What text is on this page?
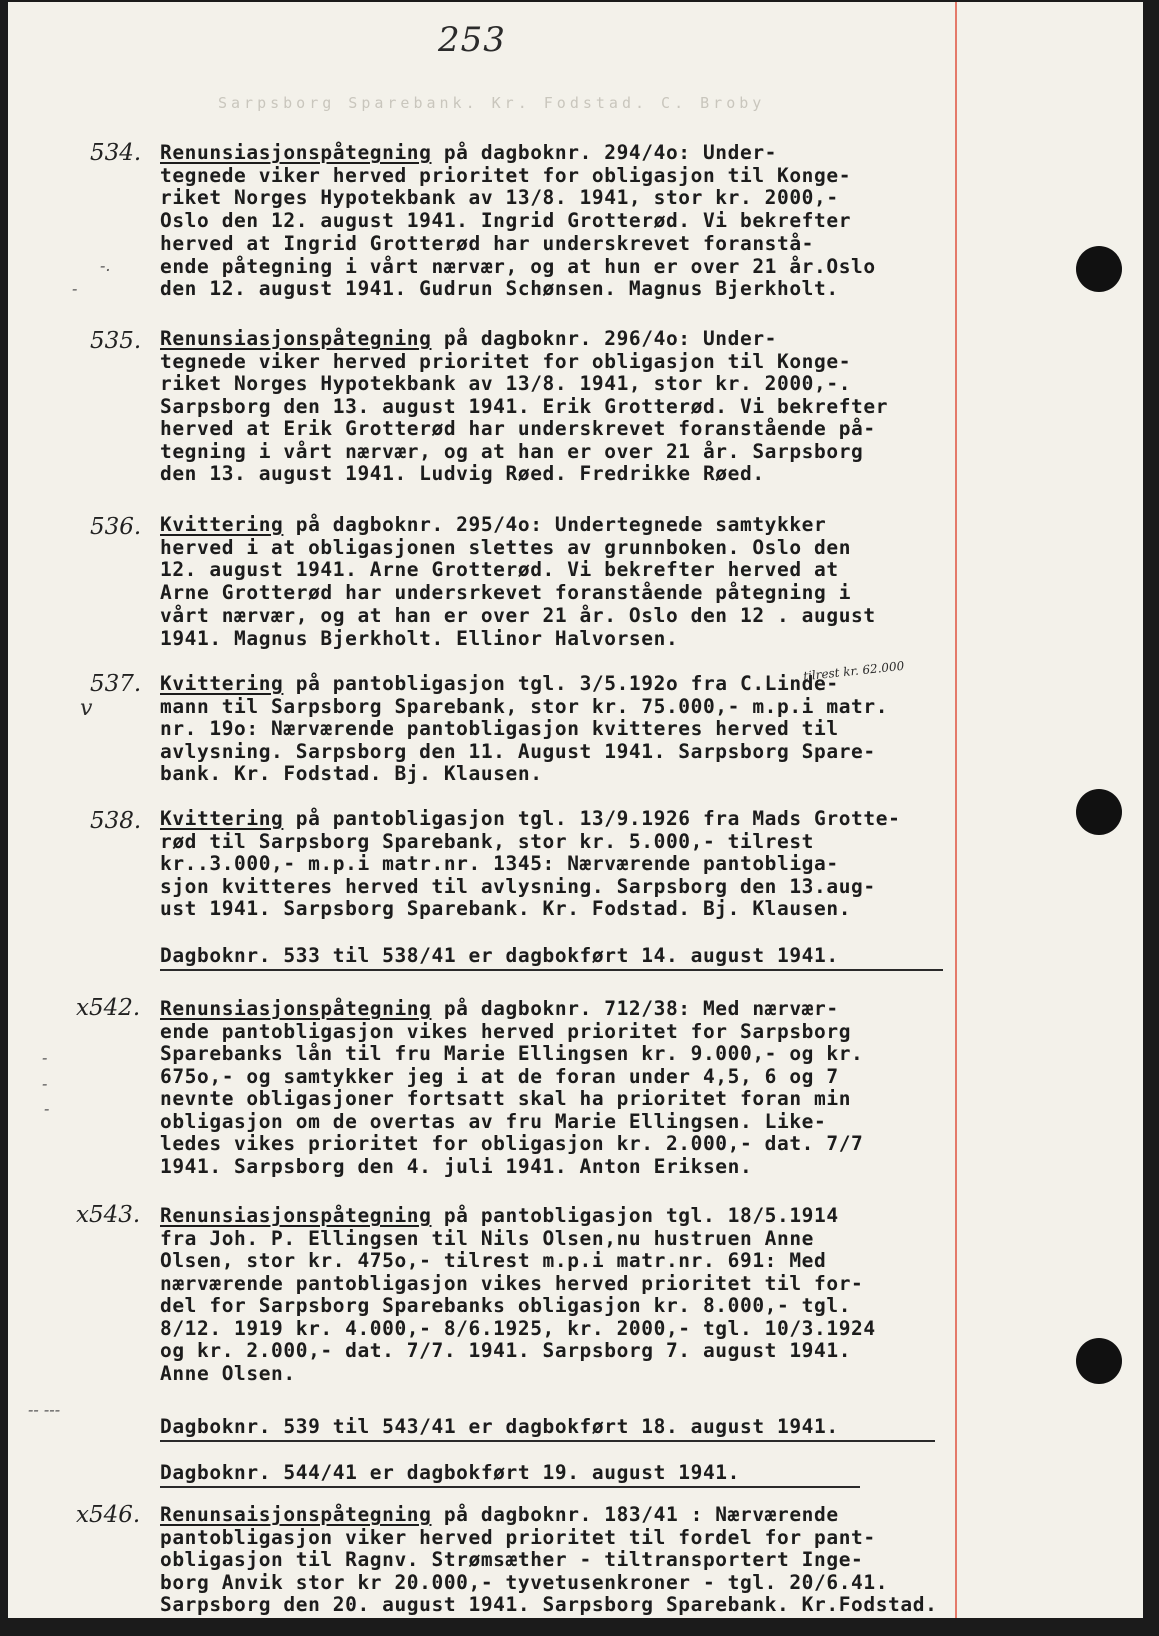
253
Sarpsborg Sparebank. Kr. Fodstad. C. Broby
-.
-
v
-
-
-
-- ---
tilrest kr. 62.000
534. Renunsiasjonspåtegning på dagboknr. 294/4o: Under-
tegnede viker herved prioritet for obligasjon til Konge-
riket Norges Hypotekbank av 13/8. 1941, stor kr. 2000,-
Oslo den 12. august 1941. Ingrid Grotterød. Vi bekrefter
herved at Ingrid Grotterød har underskrevet foranstå-
ende påtegning i vårt nærvær, og at hun er over 21 år.Oslo
den 12. august 1941. Gudrun Schønsen. Magnus Bjerkholt.
535. Renunsiasjonspåtegning på dagboknr. 296/4o: Under-
tegnede viker herved prioritet for obligasjon til Konge-
riket Norges Hypotekbank av 13/8. 1941, stor kr. 2000,-.
Sarpsborg den 13. august 1941. Erik Grotterød. Vi bekrefter
herved at Erik Grotterød har underskrevet foranstående på-
tegning i vårt nærvær, og at han er over 21 år. Sarpsborg
den 13. august 1941. Ludvig Røed. Fredrikke Røed.
536. Kvittering på dagboknr. 295/4o: Undertegnede samtykker
herved i at obligasjonen slettes av grunnboken. Oslo den
12. august 1941. Arne Grotterød. Vi bekrefter herved at
Arne Grotterød har undersrkevet foranstående påtegning i
vårt nærvær, og at han er over 21 år. Oslo den 12 . august
1941. Magnus Bjerkholt. Ellinor Halvorsen.
537. Kvittering på pantobligasjon tgl. 3/5.192o fra C.Linde-
mann til Sarpsborg Sparebank, stor kr. 75.000,- m.p.i matr.
nr. 19o: Nærværende pantobligasjon kvitteres herved til
avlysning. Sarpsborg den 11. August 1941. Sarpsborg Spare-
bank. Kr. Fodstad. Bj. Klausen.
538. Kvittering på pantobligasjon tgl. 13/9.1926 fra Mads Grotte-
rød til Sarpsborg Sparebank, stor kr. 5.000,- tilrest
kr..3.000,- m.p.i matr.nr. 1345: Nærværende pantobliga-
sjon kvitteres herved til avlysning. Sarpsborg den 13.aug-
ust 1941. Sarpsborg Sparebank. Kr. Fodstad. Bj. Klausen.
Dagboknr. 533 til 538/41 er dagbokført 14. august 1941.
x542. Renunsiasjonspåtegning på dagboknr. 712/38: Med nærvær-
ende pantobligasjon vikes herved prioritet for Sarpsborg
Sparebanks lån til fru Marie Ellingsen kr. 9.000,- og kr.
675o,- og samtykker jeg i at de foran under 4,5, 6 og 7
nevnte obligasjoner fortsatt skal ha prioritet foran min
obligasjon om de overtas av fru Marie Ellingsen. Like-
ledes vikes prioritet for obligasjon kr. 2.000,- dat. 7/7
1941. Sarpsborg den 4. juli 1941. Anton Eriksen.
x543. Renunsiasjonspåtegning på pantobligasjon tgl. 18/5.1914
fra Joh. P. Ellingsen til Nils Olsen,nu hustruen Anne
Olsen, stor kr. 475o,- tilrest m.p.i matr.nr. 691: Med
nærværende pantobligasjon vikes herved prioritet til for-
del for Sarpsborg Sparebanks obligasjon kr. 8.000,- tgl.
8/12. 1919 kr. 4.000,- 8/6.1925, kr. 2000,- tgl. 10/3.1924
og kr. 2.000,- dat. 7/7. 1941. Sarpsborg 7. august 1941.
Anne Olsen.
Dagboknr. 539 til 543/41 er dagbokført 18. august 1941.
Dagboknr. 544/41 er dagbokført 19. august 1941.
x546. Renunsaisjonspåtegning på dagboknr. 183/41 : Nærværende
pantobligasjon viker herved prioritet til fordel for pant-
obligasjon til Ragnv. Strømsæther - tiltransportert Inge-
borg Anvik stor kr 20.000,- tyvetusenkroner - tgl. 20/6.41.
Sarpsborg den 20. august 1941. Sarpsborg Sparebank. Kr.Fodstad.
